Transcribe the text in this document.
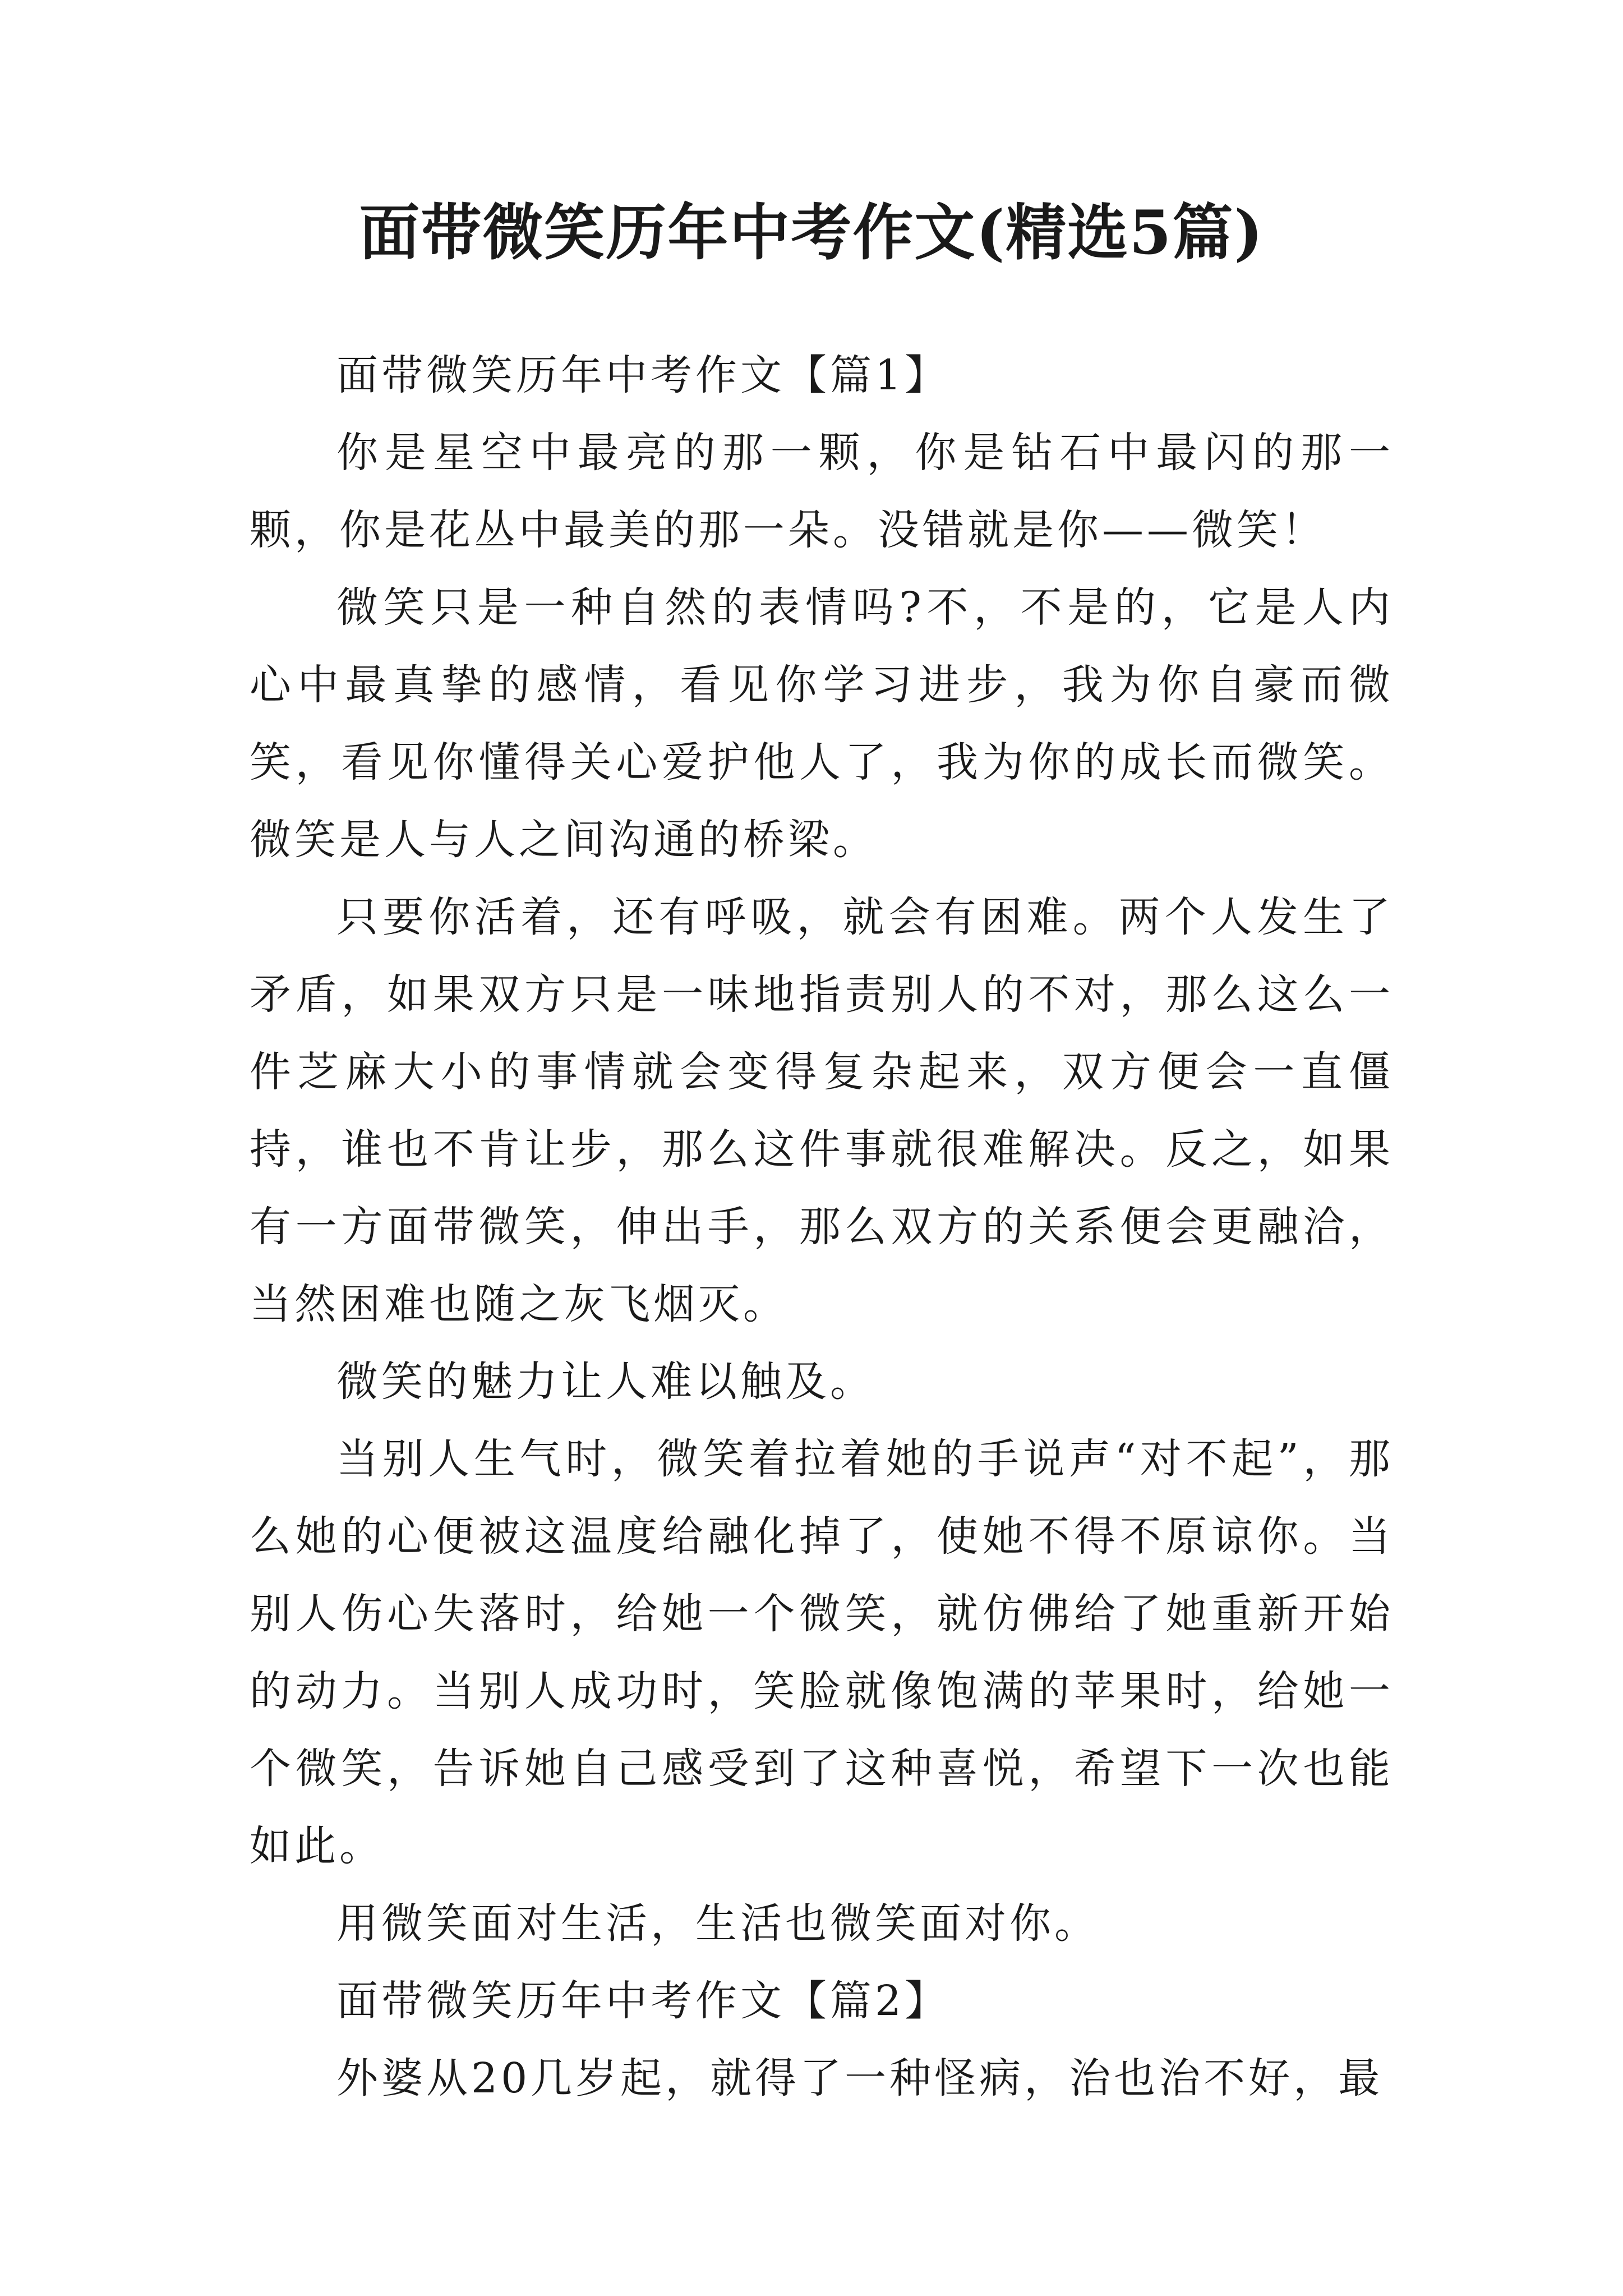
面带微笑历年中考作文(精选5篇)

面带微笑历年中考作文【篇1】

你是星空中最亮的那一颗，你是钻石中最闪的那一颗，你是花丛中最美的那一朵。没错就是你——微笑！

微笑只是一种自然的表情吗?不，不是的，它是人内心中最真挚的感情，看见你学习进步，我为你自豪而微笑，看见你懂得关心爱护他人了，我为你的成长而微笑。微笑是人与人之间沟通的桥梁。

只要你活着，还有呼吸，就会有困难。两个人发生了矛盾，如果双方只是一味地指责别人的不对，那么这么一件芝麻大小的事情就会变得复杂起来，双方便会一直僵持，谁也不肯让步，那么这件事就很难解决。反之，如果有一方面带微笑，伸出手，那么双方的关系便会更融洽，当然困难也随之灰飞烟灭。

微笑的魅力让人难以触及。

当别人生气时，微笑着拉着她的手说声“对不起”，那么她的心便被这温度给融化掉了，使她不得不原谅你。当别人伤心失落时，给她一个微笑，就仿佛给了她重新开始的动力。当别人成功时，笑脸就像饱满的苹果时，给她一个微笑，告诉她自己感受到了这种喜悦，希望下一次也能如此。

用微笑面对生活，生活也微笑面对你。

面带微笑历年中考作文【篇2】

外婆从20几岁起，就得了一种怪病，治也治不好，最
